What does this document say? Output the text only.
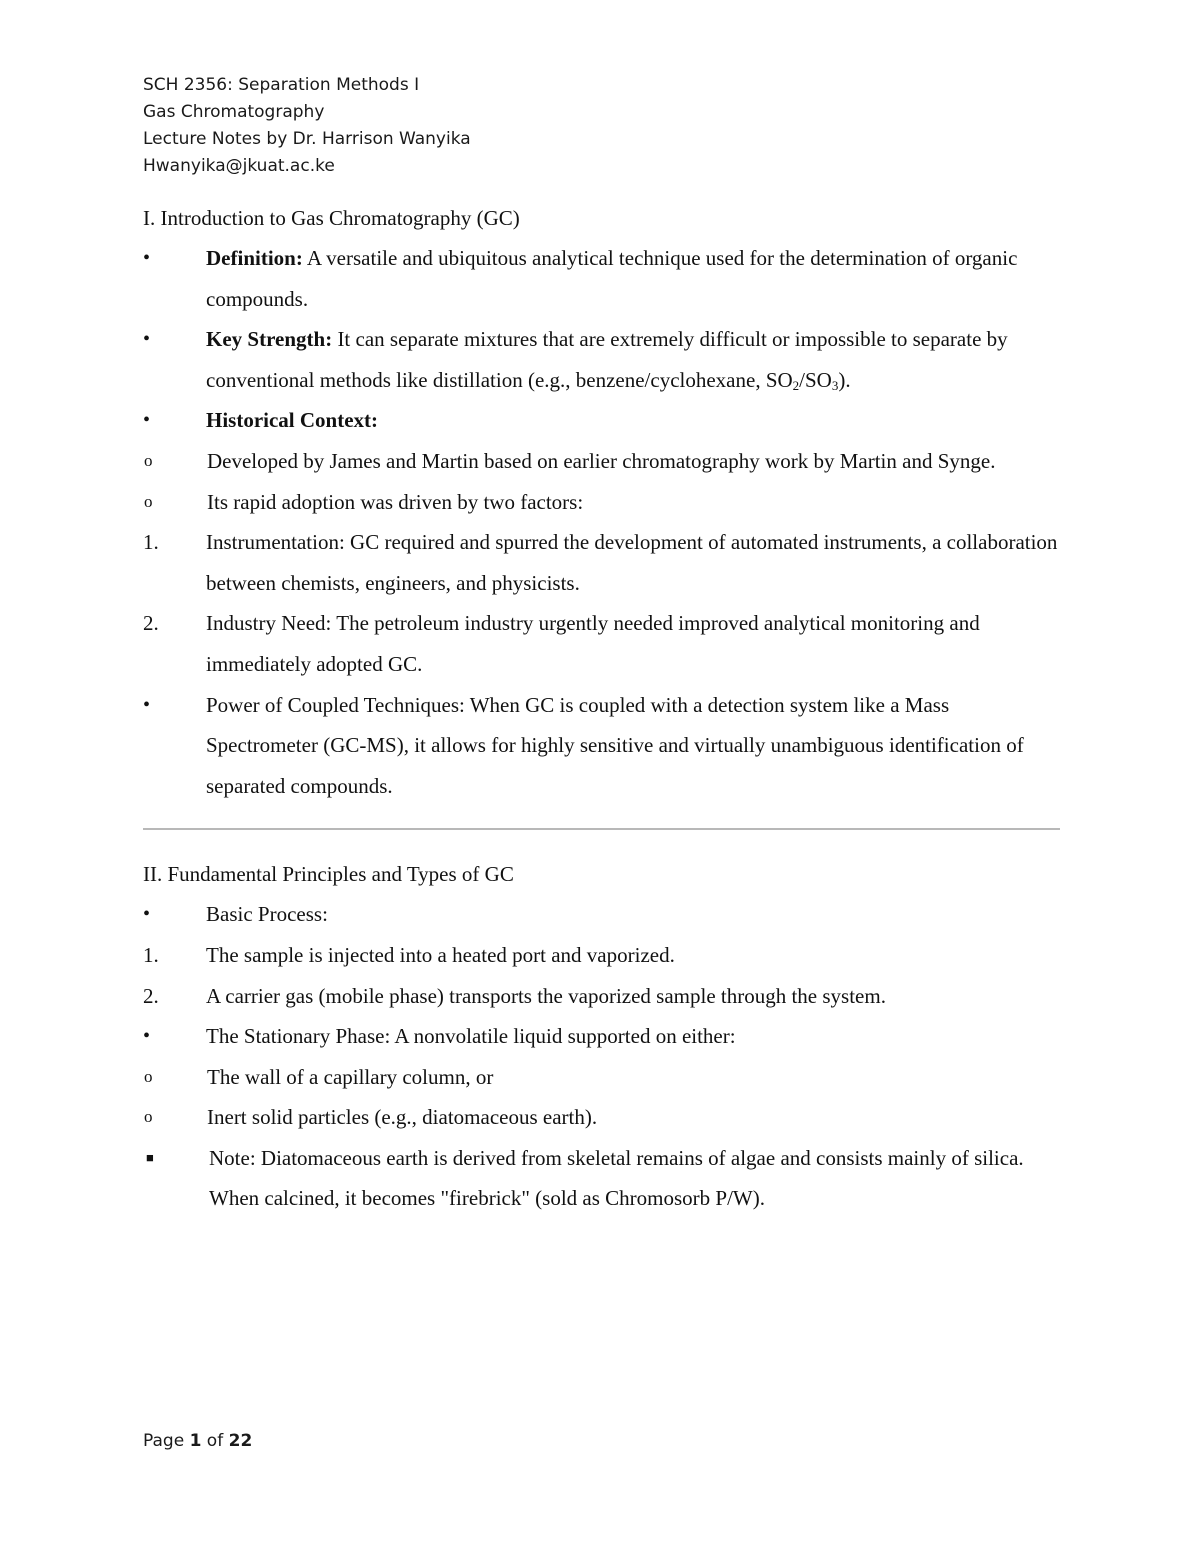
SCH 2356: Separation Methods I
Gas Chromatography
Lecture Notes by Dr. Harrison Wanyika
Hwanyika@jkuat.ac.ke
I. Introduction to Gas Chromatography (GC)
•	Definition: A versatile and ubiquitous analytical technique used for the determination of organic compounds.
•	Key Strength: It can separate mixtures that are extremely difficult or impossible to separate by conventional methods like distillation (e.g., benzene/cyclohexane, $SO_2/SO_3$).
•	Historical Context:
o	Developed by James and Martin based on earlier chromatography work by Martin and Synge.
o	Its rapid adoption was driven by two factors:
1.	Instrumentation: GC required and spurred the development of automated instruments, a collaboration between chemists, engineers, and physicists.
2.	Industry Need: The petroleum industry urgently needed improved analytical monitoring and immediately adopted GC.
•	Power of Coupled Techniques: When GC is coupled with a detection system like a Mass Spectrometer (GC-MS), it allows for highly sensitive and virtually unambiguous identification of separated compounds.
II. Fundamental Principles and Types of GC
•	Basic Process:
1.	The sample is injected into a heated port and vaporized.
2.	A carrier gas (mobile phase) transports the vaporized sample through the system.
•	The Stationary Phase: A nonvolatile liquid supported on either:
o	The wall of a capillary column, or
o	Inert solid particles (e.g., diatomaceous earth).
■	Note: Diatomaceous earth is derived from skeletal remains of algae and consists mainly of silica. When calcined, it becomes "firebrick" (sold as Chromosorb P/W).
Page 1 of 22
